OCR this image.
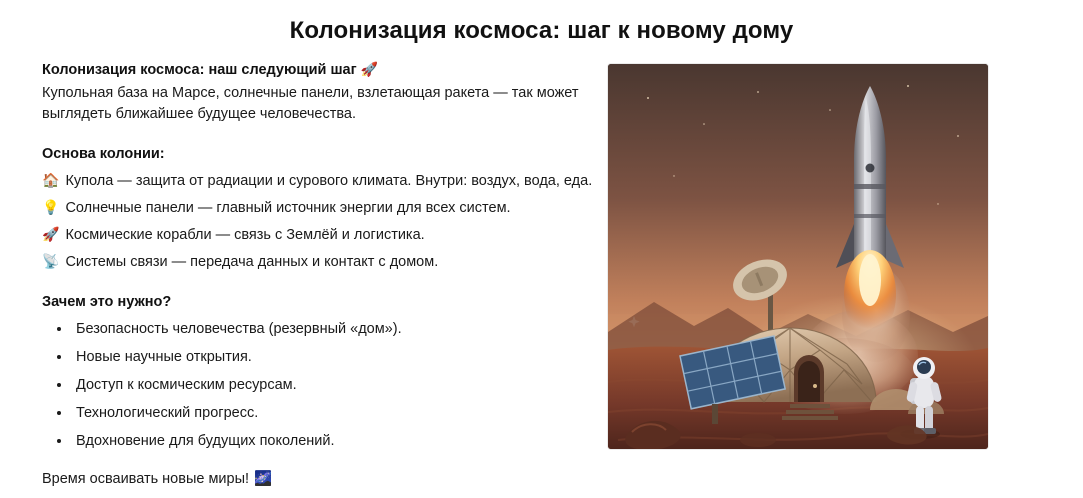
Колонизация космоса: шаг к новому дому

Колонизация космоса: наш следующий шаг 🚀

Купольная база на Марсе, солнечные панели, взлетающая ракета — так может выглядеть ближайшее будущее человечества.

Основа колонии:

🏠 Купола — защита от радиации и сурового климата. Внутри: воздух, вода, еда.
💡 Солнечные панели — главный источник энергии для всех систем.
🚀 Космические корабли — связь с Землёй и логистика.
📡 Системы связи — передача данных и контакт с домом.

Зачем это нужно?

• Безопасность человечества (резервный «дом»).
• Новые научные открытия.
• Доступ к космическим ресурсам.
• Технологический прогресс.
• Вдохновение для будущих поколений.

Время осваивать новые миры! 🌌
